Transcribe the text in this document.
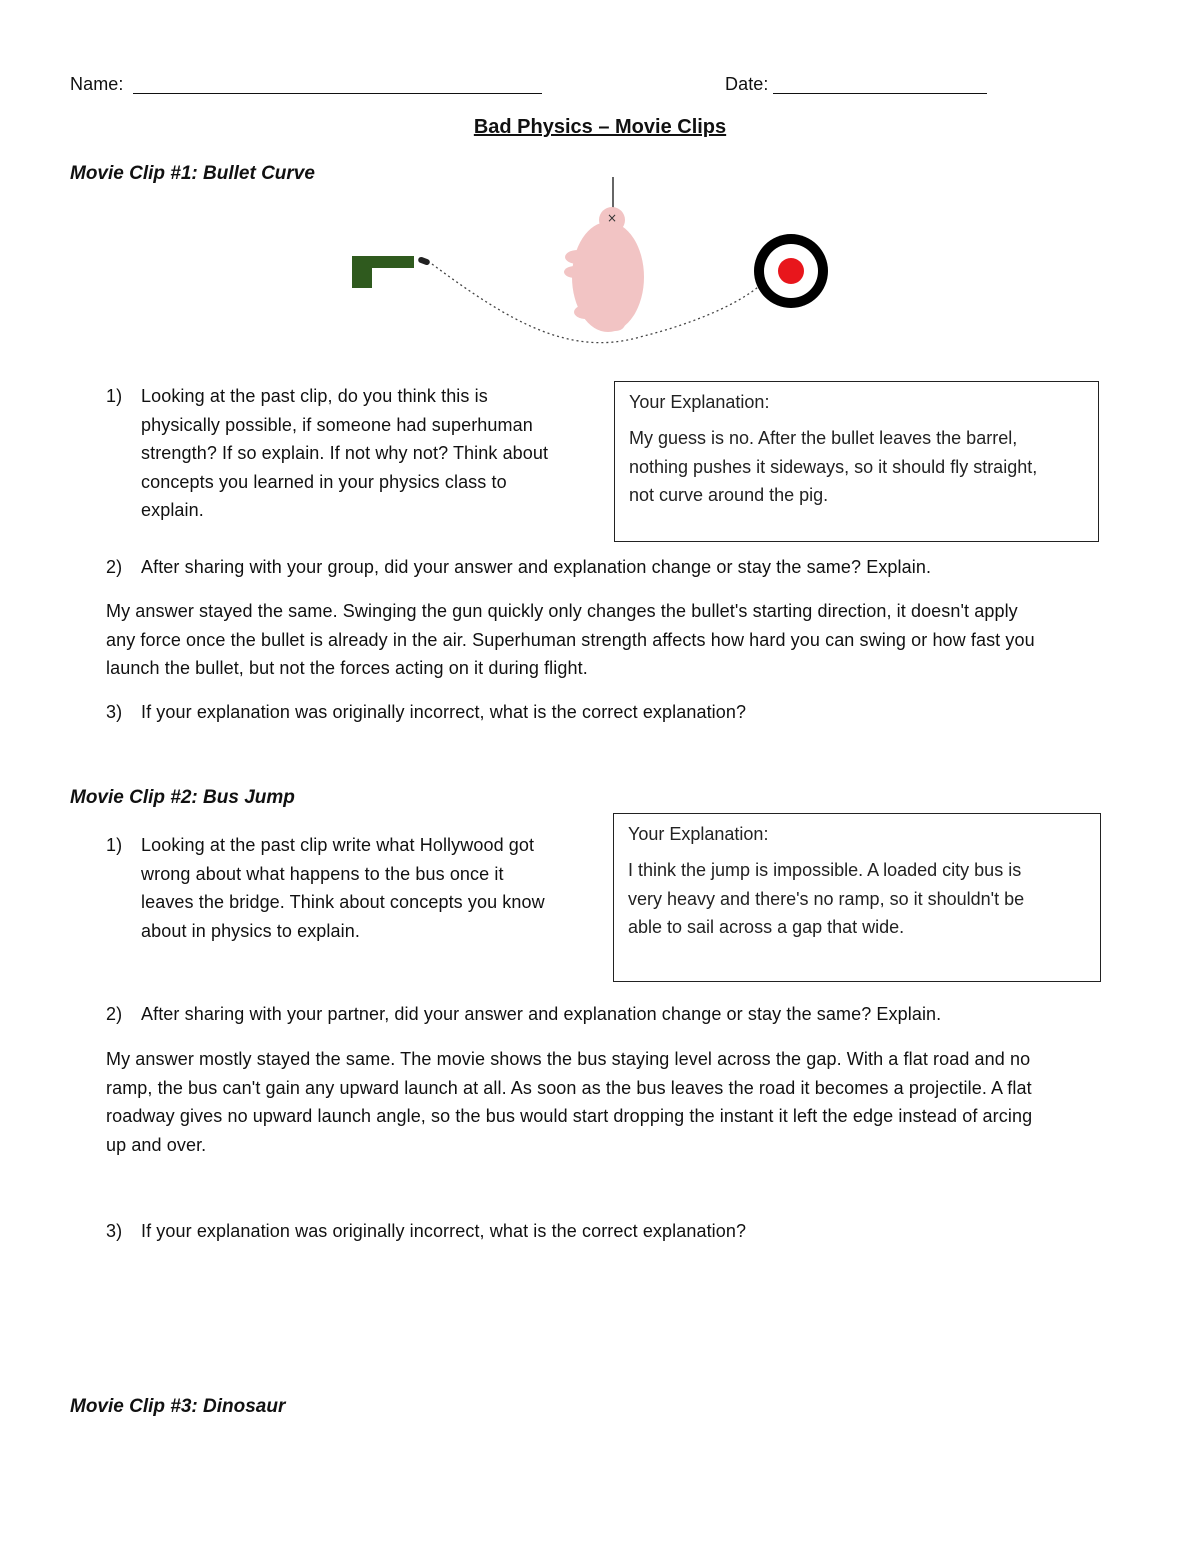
Name:	Date:
Bad Physics – Movie Clips
Movie Clip #1: Bullet Curve
×
1)	Looking at the past clip, do you think this is
physically possible, if someone had superhuman
strength? If so explain. If not why not? Think about
concepts you learned in your physics class to
explain.
Your Explanation:
My guess is no. After the bullet leaves the barrel,
nothing pushes it sideways, so it should fly straight,
not curve around the pig.
2)	After sharing with your group, did your answer and explanation change or stay the same? Explain.
My answer stayed the same. Swinging the gun quickly only changes the bullet's starting direction, it doesn't apply
any force once the bullet is already in the air. Superhuman strength affects how hard you can swing or how fast you
launch the bullet, but not the forces acting on it during flight.
3)	If your explanation was originally incorrect, what is the correct explanation?
Movie Clip #2: Bus Jump
1)	Looking at the past clip write what Hollywood got
wrong about what happens to the bus once it
leaves the bridge. Think about concepts you know
about in physics to explain.
Your Explanation:
I think the jump is impossible. A loaded city bus is
very heavy and there's no ramp, so it shouldn't be
able to sail across a gap that wide.
2)	After sharing with your partner, did your answer and explanation change or stay the same? Explain.
My answer mostly stayed the same. The movie shows the bus staying level across the gap. With a flat road and no
ramp, the bus can't gain any upward launch at all. As soon as the bus leaves the road it becomes a projectile. A flat
roadway gives no upward launch angle, so the bus would start dropping the instant it left the edge instead of arcing
up and over.
3)	If your explanation was originally incorrect, what is the correct explanation?
Movie Clip #3: Dinosaur
